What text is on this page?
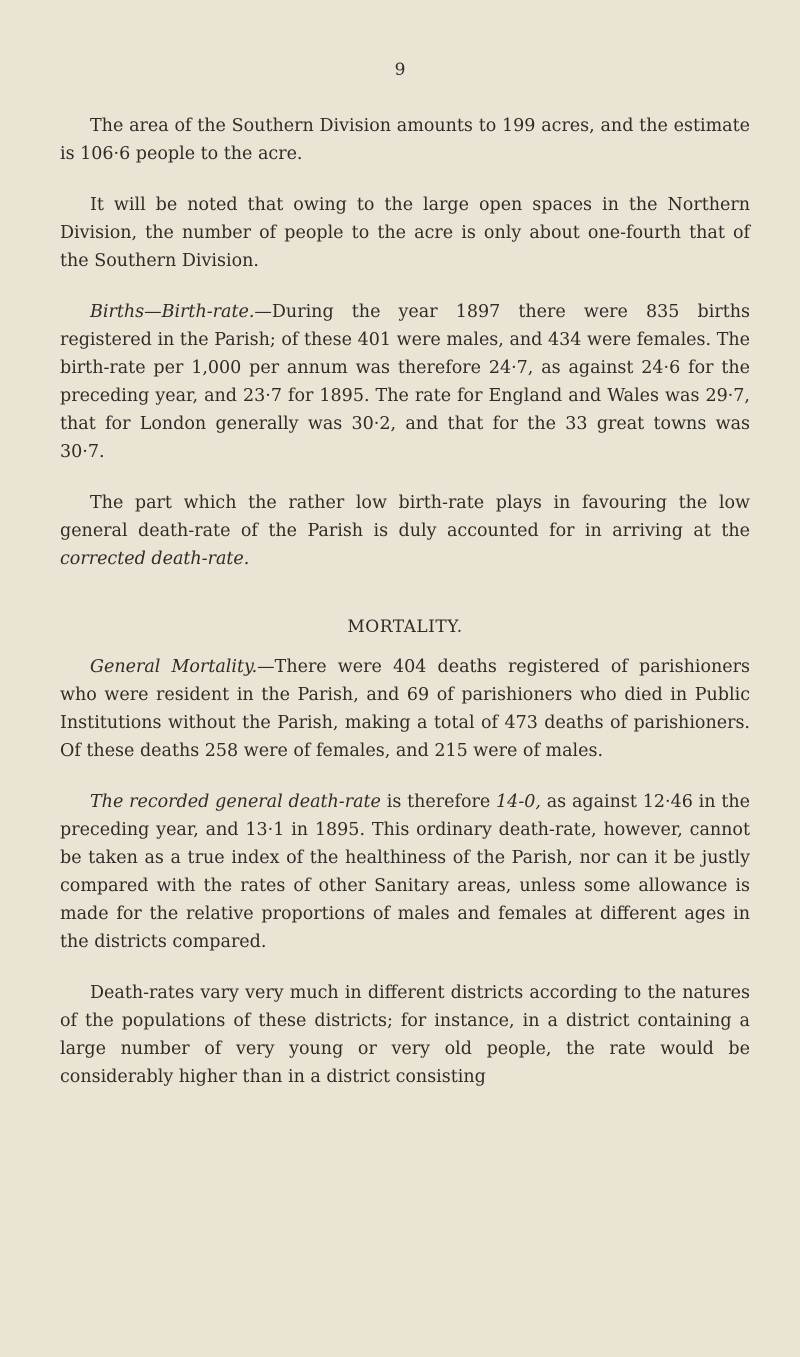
9

The area of the Southern Division amounts to 199 acres, and the estimate is 106·6 people to the acre.

It will be noted that owing to the large open spaces in the Northern Division, the number of people to the acre is only about one-fourth that of the Southern Division.

Births—Birth-rate.—During the year 1897 there were 835 births registered in the Parish; of these 401 were males, and 434 were females. The birth-rate per 1,000 per annum was therefore 24·7, as against 24·6 for the preceding year, and 23·7 for 1895. The rate for England and Wales was 29·7, that for London generally was 30·2, and that for the 33 great towns was 30·7.

The part which the rather low birth-rate plays in favouring the low general death-rate of the Parish is duly accounted for in arriving at the corrected death-rate.

MORTALITY.

General Mortality.—There were 404 deaths registered of parishioners who were resident in the Parish, and 69 of parishioners who died in Public Institutions without the Parish, making a total of 473 deaths of parishioners. Of these deaths 258 were of females, and 215 were of males.

The recorded general death-rate is therefore 14-0, as against 12·46 in the preceding year, and 13·1 in 1895. This ordinary death-rate, however, cannot be taken as a true index of the healthiness of the Parish, nor can it be justly compared with the rates of other Sanitary areas, unless some allowance is made for the relative proportions of males and females at different ages in the districts compared.

Death-rates vary very much in different districts according to the natures of the populations of these districts; for instance, in a district containing a large number of very young or very old people, the rate would be considerably higher than in a district consisting
